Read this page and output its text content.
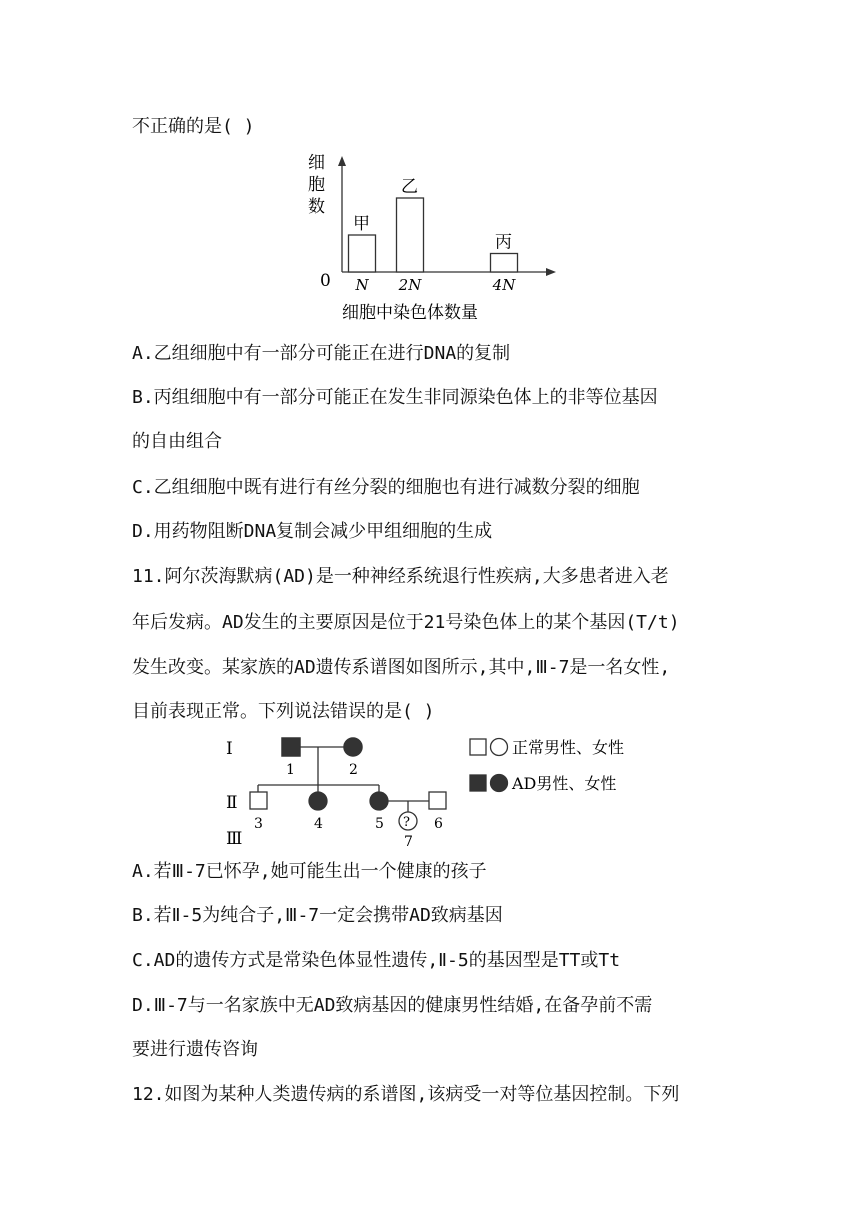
不正确的是( )
细
胞
数
甲
N
乙
2N
丙
4N
0
细胞中染色体数量
A.乙组细胞中有一部分可能正在进行DNA的复制
B.丙组细胞中有一部分可能正在发生非同源染色体上的非等位基因
的自由组合
C.乙组细胞中既有进行有丝分裂的细胞也有进行减数分裂的细胞
D.用药物阻断DNA复制会减少甲组细胞的生成
11.阿尔茨海默病(AD)是一种神经系统退行性疾病,大多患者进入老
年后发病。AD发生的主要原因是位于21号染色体上的某个基因(T/t)
发生改变。某家族的AD遗传系谱图如图所示,其中,Ⅲ-7是一名女性,
目前表现正常。下列说法错误的是( )
Ⅰ
Ⅱ
Ⅲ
1	2
3	4	5	6
?
7
正常男性、女性
AD男性、女性
A.若Ⅲ-7已怀孕,她可能生出一个健康的孩子
B.若Ⅱ-5为纯合子,Ⅲ-7一定会携带AD致病基因
C.AD的遗传方式是常染色体显性遗传,Ⅱ-5的基因型是TT或Tt
D.Ⅲ-7与一名家族中无AD致病基因的健康男性结婚,在备孕前不需
要进行遗传咨询
12.如图为某种人类遗传病的系谱图,该病受一对等位基因控制。下列
